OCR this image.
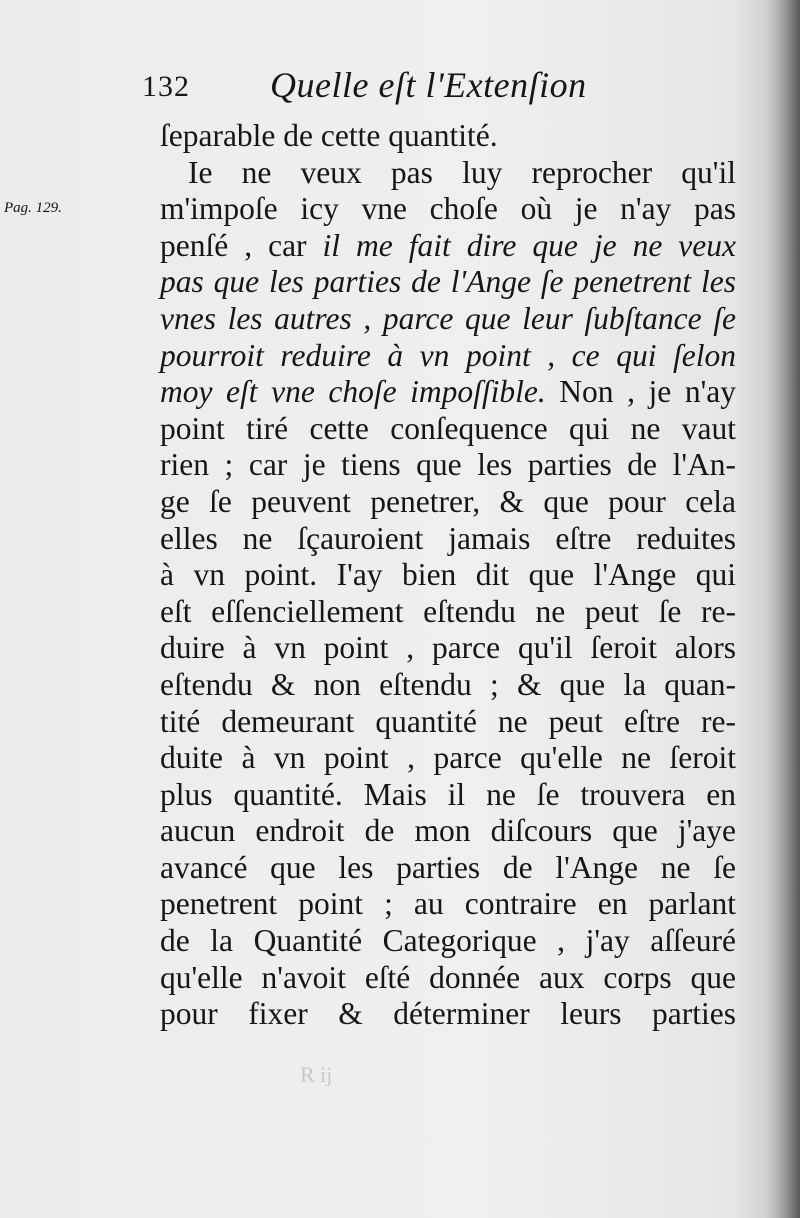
132 Quelle eſt l'Extenſion
Pag. 129.
ſeparable de cette quantité.
Ie ne veux pas luy reprocher qu'il
m'impoſe icy vne choſe où je n'ay pas
penſé , car il me fait dire que je ne veux
pas que les parties de l'Ange ſe penetrent les
vnes les autres , parce que leur ſubſtance ſe
pourroit reduire à vn point , ce qui ſelon
moy eſt vne choſe impoſſible. Non , je n'ay
point tiré cette conſequence qui ne vaut
rien ; car je tiens que les parties de l'An-
ge ſe peuvent penetrer, & que pour cela
elles ne ſçauroient jamais eſtre reduites
à vn point. I'ay bien dit que l'Ange qui
eſt eſſenciellement eſtendu ne peut ſe re-
duire à vn point , parce qu'il ſeroit alors
eſtendu & non eſtendu ; & que la quan-
tité demeurant quantité ne peut eſtre re-
duite à vn point , parce qu'elle ne ſeroit
plus quantité. Mais il ne ſe trouvera en
aucun endroit de mon diſcours que j'aye
avancé que les parties de l'Ange ne ſe
penetrent point ; au contraire en parlant
de la Quantité Categorique , j'ay aſſeuré
qu'elle n'avoit eſté donnée aux corps que
pour fixer & déterminer leurs parties
R ij
